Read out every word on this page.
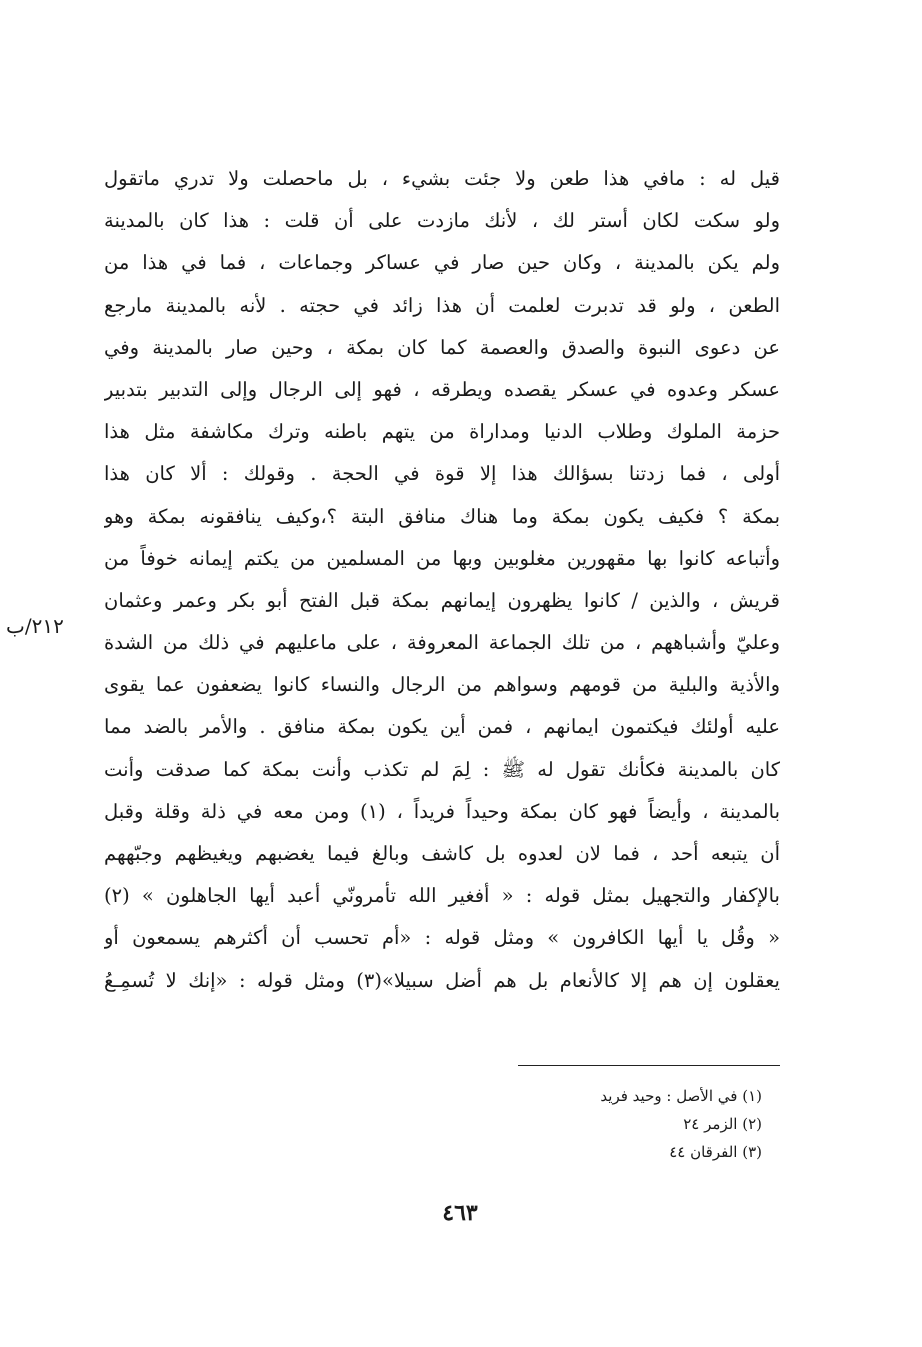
قيل له : مافي هذا طعن ولا جئت بشيء ، بل ماحصلت ولا تدري ماتقول
ولو سكت لكان أستر لك ، لأنك مازدت على أن قلت : هذا كان بالمدينة
ولم يكن بالمدينة ، وكان حين صار في عساكر وجماعات ، فما في هذا من
الطعن ، ولو قد تدبرت لعلمت أن هذا زائد في حجته . لأنه بالمدينة مارجع
عن دعوى النبوة والصدق والعصمة كما كان بمكة ، وحين صار بالمدينة وفي
عسكر وعدوه في عسكر يقصده ويطرقه ، فهو إلى الرجال وإلى التدبير بتدبير
حزمة الملوك وطلاب الدنيا ومداراة من يتهم باطنه وترك مكاشفة مثل هذا
أولى ، فما زدتنا بسؤالك هذا إلا قوة في الحجة . وقولك : ألا كان هذا
بمكة ؟ فكيف يكون بمكة وما هناك منافق البتة ؟،وكيف ينافقونه بمكة وهو
وأتباعه كانوا بها مقهورين مغلوبين وبها من المسلمين من يكتم إيمانه خوفاً من
قريش ، والذين / كانوا يظهرون إيمانهم بمكة قبل الفتح أبو بكر وعمر وعثمان
وعليّ وأشباههم ، من تلك الجماعة المعروفة ، على ماعليهم في ذلك من الشدة
والأذية والبلية من قومهم وسواهم من الرجال والنساء كانوا يضعفون عما يقوى
عليه أولئك فيكتمون ايمانهم ، فمن أين يكون بمكة منافق . والأمر بالضد مما
كان بالمدينة فكأنك تقول له ﷺ : لِمَ لم تكذب وأنت بمكة كما صدقت وأنت
بالمدينة ، وأيضاً فهو كان بمكة وحيداً فريداً ، (١) ومن معه في ذلة وقلة وقبل
أن يتبعه أحد ، فما لان لعدوه بل كاشف وبالغ فيما يغضبهم ويغيظهم وجبّههم
بالإكفار والتجهيل بمثل قوله : « أفغير الله تأمرونّي أعبد أيها الجاهلون » (٢)
« وقُل يا أيها الكافرون » ومثل قوله : «أم تحسب أن أكثرهم يسمعون أو
يعقلون إن هم إلا كالأنعام بل هم أضل سبيلا»(٣) ومثل قوله : «إنك لا تُسمِـعُ
٢١٢/ب
(١) في الأصل : وحيد فريد
(٢) الزمر ٢٤
(٣) الفرقان ٤٤
٤٦٣
